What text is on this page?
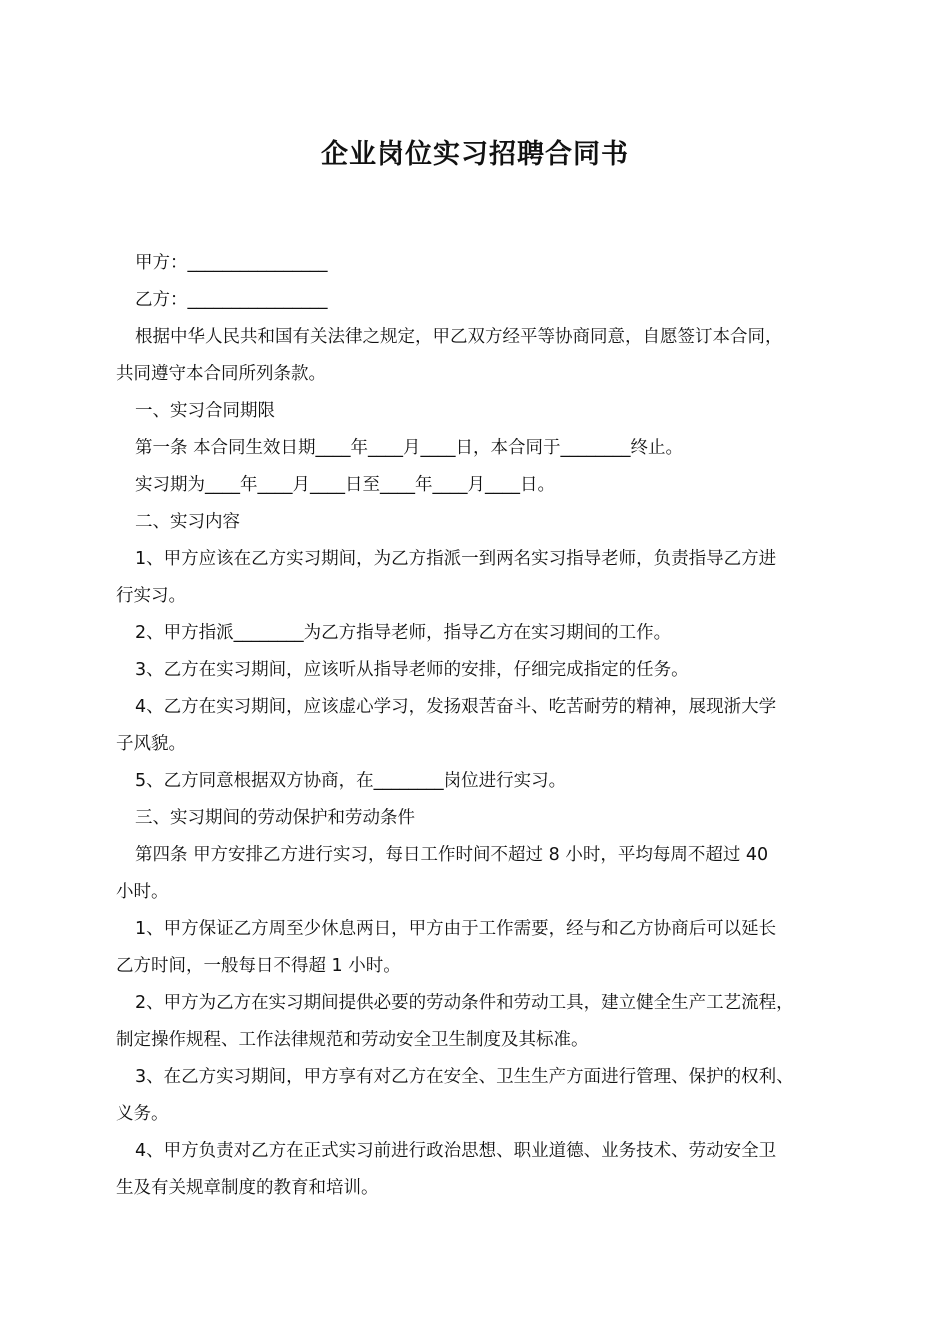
企业岗位实习招聘合同书
甲方：________________
乙方：________________
根据中华人民共和国有关法律之规定，甲乙双方经平等协商同意，自愿签订本合同，
共同遵守本合同所列条款。
一、实习合同期限
第一条 本合同生效日期____年____月____日，本合同于________终止。
实习期为____年____月____日至____年____月____日。
二、实习内容
1、甲方应该在乙方实习期间，为乙方指派一到两名实习指导老师，负责指导乙方进
行实习。
2、甲方指派________为乙方指导老师，指导乙方在实习期间的工作。
3、乙方在实习期间，应该听从指导老师的安排，仔细完成指定的任务。
4、乙方在实习期间，应该虚心学习，发扬艰苦奋斗、吃苦耐劳的精神，展现浙大学
子风貌。
5、乙方同意根据双方协商，在________岗位进行实习。
三、实习期间的劳动保护和劳动条件
第四条 甲方安排乙方进行实习，每日工作时间不超过 8 小时，平均每周不超过 40
小时。
1、甲方保证乙方周至少休息两日，甲方由于工作需要，经与和乙方协商后可以延长
乙方时间，一般每日不得超 1 小时。
2、甲方为乙方在实习期间提供必要的劳动条件和劳动工具，建立健全生产工艺流程，
制定操作规程、工作法律规范和劳动安全卫生制度及其标准。
3、在乙方实习期间，甲方享有对乙方在安全、卫生生产方面进行管理、保护的权利、
义务。
4、甲方负责对乙方在正式实习前进行政治思想、职业道德、业务技术、劳动安全卫
生及有关规章制度的教育和培训。
